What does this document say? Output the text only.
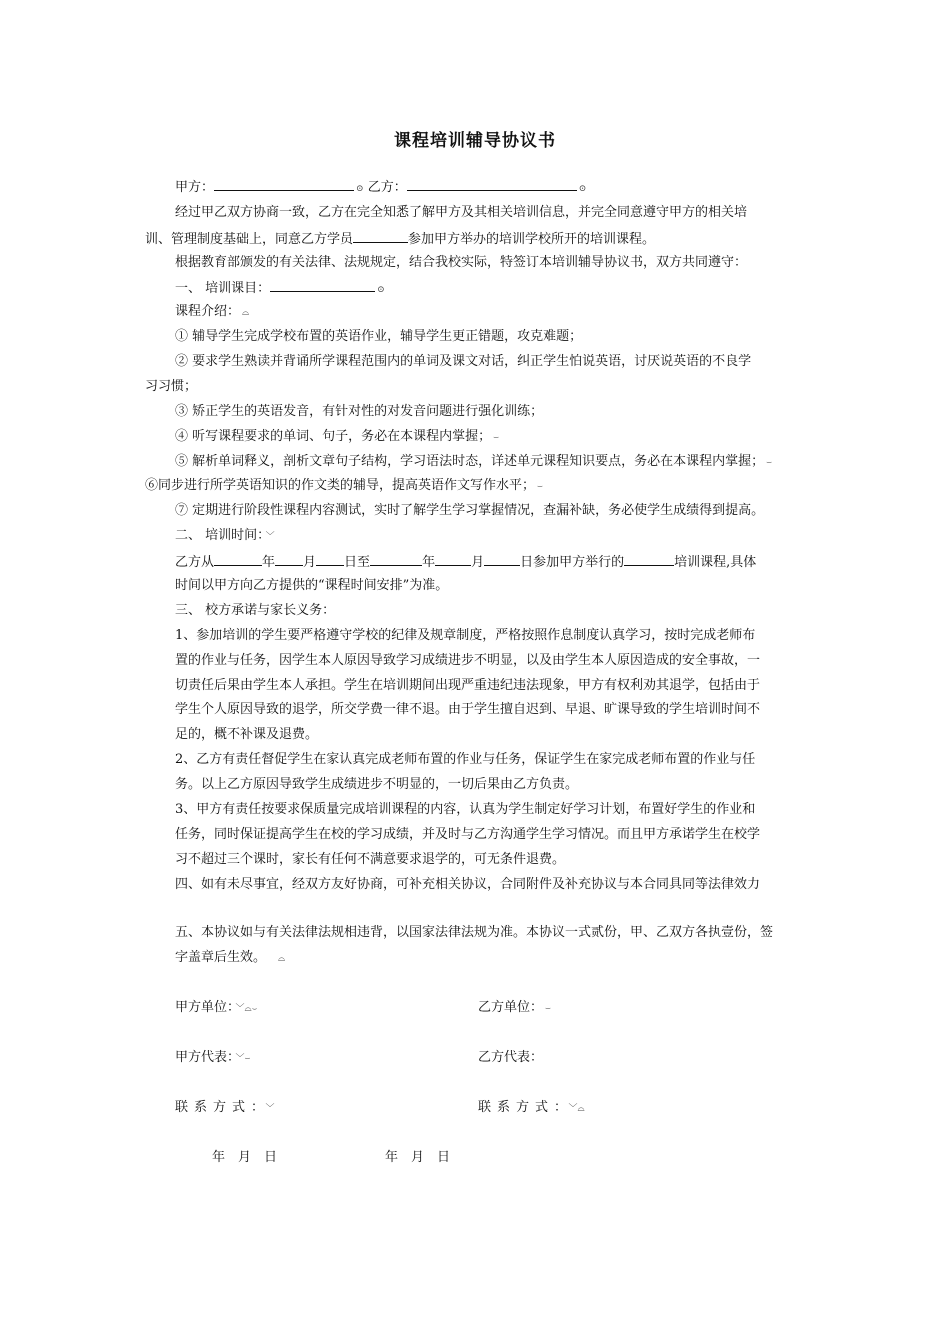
课程培训辅导协议书
甲方：	⊙ 乙方：	⊙
经过甲乙双方协商一致，乙方在完全知悉了解甲方及其相关培训信息，并完全同意遵守甲方的相关培
训、管理制度基础上，同意乙方学员	参加甲方举办的培训学校所开的培训课程。
根据教育部颁发的有关法律、法规规定，结合我校实际，特签订本培训辅导协议书，双方共同遵守：
一、 培训课目：	⊙
课程介绍： ⌓
① 辅导学生完成学校布置的英语作业，辅导学生更正错题，攻克难题；
② 要求学生熟读并背诵所学课程范围内的单词及课文对话，纠正学生怕说英语，讨厌说英语的不良学
习习惯；
③ 矫正学生的英语发音，有针对性的对发音问题进行强化训练；
④ 听写课程要求的单词、句子，务必在本课程内掌握； ⌣
⑤ 解析单词释义，剖析文章句子结构，学习语法时态，详述单元课程知识要点，务必在本课程内掌握； ⌣
⑥同步进行所学英语知识的作文类的辅导，提高英语作文写作水平； ⌣
⑦ 定期进行阶段性课程内容测试，实时了解学生学习掌握情况，查漏补缺，务必使学生成绩得到提高。
二、 培训时间： ﹀
乙方从	年 月 日至	年	月	日参加甲方举行的	培训课程,具体
时间以甲方向乙方提供的“课程时间安排”为准。
三、 校方承诺与家长义务：
1、参加培训的学生要严格遵守学校的纪律及规章制度，严格按照作息制度认真学习，按时完成老师布
置的作业与任务，因学生本人原因导致学习成绩进步不明显，以及由学生本人原因造成的安全事故，一
切责任后果由学生本人承担。学生在培训期间出现严重违纪违法现象，甲方有权利劝其退学，包括由于
学生个人原因导致的退学，所交学费一律不退。由于学生擅自迟到、早退、旷课导致的学生培训时间不
足的，概不补课及退费。
2、乙方有责任督促学生在家认真完成老师布置的作业与任务，保证学生在家完成老师布置的作业与任
务。以上乙方原因导致学生成绩进步不明显的，一切后果由乙方负责。
3、甲方有责任按要求保质量完成培训课程的内容，认真为学生制定好学习计划，布置好学生的作业和
任务，同时保证提高学生在校的学习成绩，并及时与乙方沟通学生学习情况。而且甲方承诺学生在校学
习不超过三个课时，家长有任何不满意要求退学的，可无条件退费。
四、如有未尽事宜，经双方友好协商，可补充相关协议，合同附件及补充协议与本合同具同等法律效力
五、本协议如与有关法律法规相违背，以国家法律法规为准。本协议一式贰份，甲、乙双方各执壹份，签
字盖章后生效。 ⌓
甲方单位： ﹀⌓⌣	乙方单位： ⌣
甲方代表： ﹀⌣	乙方代表：
联系方式： ﹀	联系方式： ﹀⌓
年　月　日	年　月　日
